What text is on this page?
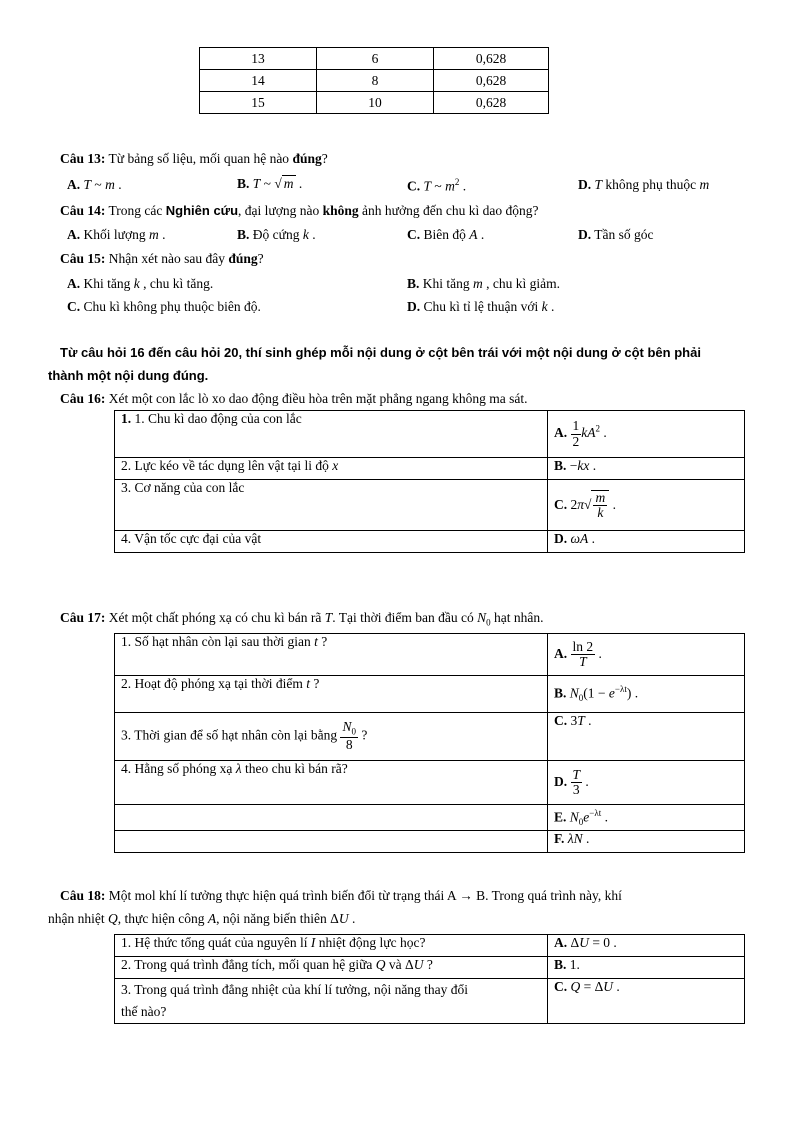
13	6	0,628
14	8	0,628
15	10	0,628
Câu 13: Từ bảng số liệu, mối quan hệ nào đúng?
A. T ~ m .	B. T ~ √ m .	C. T ~ $m^2$ .	D. T không phụ thuộc m
Câu 14: Trong các Nghiên cứu, đại lượng nào không ảnh hưởng đến chu kì dao động?
A. Khối lượng m .	B. Độ cứng k .	C. Biên độ A .	D. Tần số góc
Câu 15: Nhận xét nào sau đây đúng?
A. Khi tăng k , chu kì tăng.	B. Khi tăng m , chu kì giảm.
C. Chu kì không phụ thuộc biên độ.	D. Chu kì tỉ lệ thuận với k .
Từ câu hỏi 16 đến câu hỏi 20, thí sinh ghép mỗi nội dung ở cột bên trái với một nội dung ở cột bên phải
thành một nội dung đúng.
Câu 16: Xét một con lắc lò xo dao động điều hòa trên mặt phẳng ngang không ma sát.
1. 1. Chu kì dao động của con lắc	A. $\frac{1}{2} kA^2$ .
2. Lực kéo về tác dụng lên vật tại li độ x	B. −kx .
3. Cơ năng của con lắc	C. $2\pi√ \frac{m}{k}$ .
4. Vận tốc cực đại của vật	D. ωA .
Câu 17: Xét một chất phóng xạ có chu kì bán rã T. Tại thời điểm ban đầu có $N_0$ hạt nhân.
1. Số hạt nhân còn lại sau thời gian t ?	A. $\frac{\ln 2}{T}$ .
2. Hoạt độ phóng xạ tại thời điểm t ?	B. $N_0(1 - e^{-\lambda t})$ .
3. Thời gian để số hạt nhân còn lại bằng $\frac{N_0}{8}$ ?	C. 3T .
4. Hằng số phóng xạ λ theo chu kì bán rã?	D. $\frac{T}{3}$ .
	E. $N_0e^{-\lambda t}$ .
	F. λN .
Câu 18: Một mol khí lí tưởng thực hiện quá trình biến đổi từ trạng thái A → B. Trong quá trình này, khí
nhận nhiệt Q, thực hiện công A, nội năng biến thiên ΔU .
1. Hệ thức tổng quát của nguyên lí I nhiệt động lực học?	A. ΔU = 0 .
2. Trong quá trình đẳng tích, mối quan hệ giữa Q và ΔU ?	B. 1.
3. Trong quá trình đẳng nhiệt của khí lí tưởng, nội năng thay đổi
thế nào?	C. Q = ΔU .
